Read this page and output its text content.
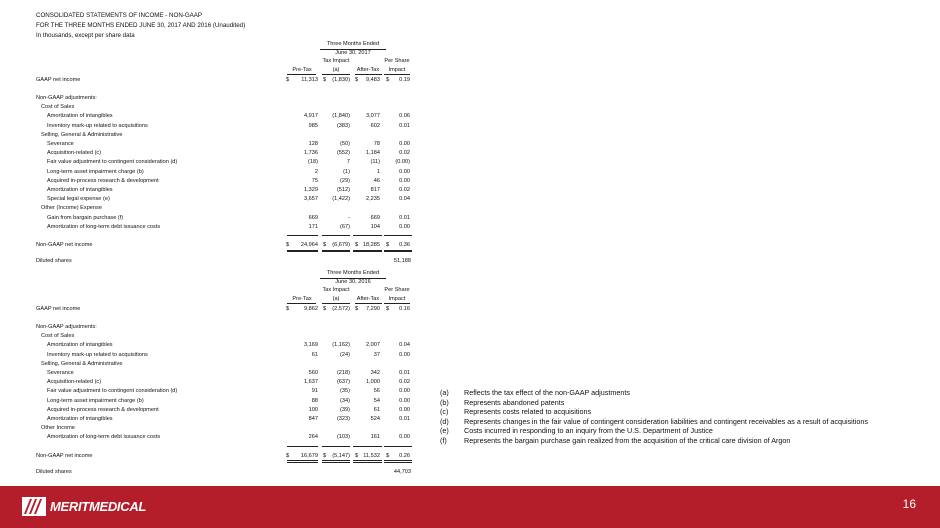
CONSOLIDATED STATEMENTS OF INCOME - NON-GAAP
FOR THE THREE MONTHS ENDED JUNE 30, 2017 AND 2016 (Unaudited)
In thousands, except per share data
Three Months Ended
June 30, 2017
Tax Impact	Per Share
Pre-Tax	(a)	After-Tax	Impact
GAAP net income	11,313	(1,830)	9,483	0.19
$	$	$	$
Non-GAAP adjustments:
Cost of Sales
Amortization of intangibles	4,917	(1,840)	3,077	0.06
Inventory mark-up related to acquisitions	985	(383)	602	0.01
Selling, General & Administrative
Severance	128	(50)	78	0.00
Acquisition-related (c)	1,736	(552)	1,184	0.02
Fair value adjustment to contingent consideration (d)	(18)	7	(11)	(0.00)
Long-term asset impairment charge (b)	2	(1)	1	0.00
Acquired in-process research & development	75	(29)	46	0.00
Amortization of intangibles	1,329	(512)	817	0.02
Special legal expense (e)	3,657	(1,422)	2,235	0.04
Other (Income) Expense
Gain from bargain purchase (f)	669	-	669	0.01
Amortization of long-term debt issuance costs	171	(67)	104	0.00
Non-GAAP net income	24,964	(6,679) 18,285	0.36
$	$	$	$
Diluted shares	51,188
Three Months Ended
June 30, 2016
Tax Impact	Per Share
Pre-Tax	(a)	After-Tax	Impact
GAAP net income	9,862	(2,572)	7,290	0.16
$	$	$	$
Non-GAAP adjustments:
Cost of Sales
Amortization of intangibles	3,169	(1,162)	2,007	0.04
Inventory mark-up related to acquisitions	61	(24)	37	0.00
Selling, General & Administrative
Severance	560	(218)	342	0.01
Acquisition-related (c)	1,637	(637)	1,000	0.02
Fair value adjustment to contingent consideration (d)	91	(35)	56	0.00
Long-term asset impairment charge (b)	88	(34)	54	0.00
Acquired in-process research & development	100	(39)	61	0.00
Amortization of intangibles	847	(323)	524	0.01
Other Income
Amortization of long-term debt issuance costs	264	(103)	161	0.00
Non-GAAP net income	16,679	(5,147) 11,532	0.26
$	$	$	$
Diluted shares	44,703
(a)	Reflects the tax effect of the non-GAAP adjustments
(b)	Represents abandoned patents
(c)	Represents costs related to acquisitions
(d)	Represents changes in the fair value of contingent consideration liabilities and contingent receivables as a result of acquisitions
(e)	Costs incurred in responding to an inquiry from the U.S. Department of Justice
(f)	Represents the bargain purchase gain realized from the acquisition of the critical care division of Argon
MERITMEDICAL	16
